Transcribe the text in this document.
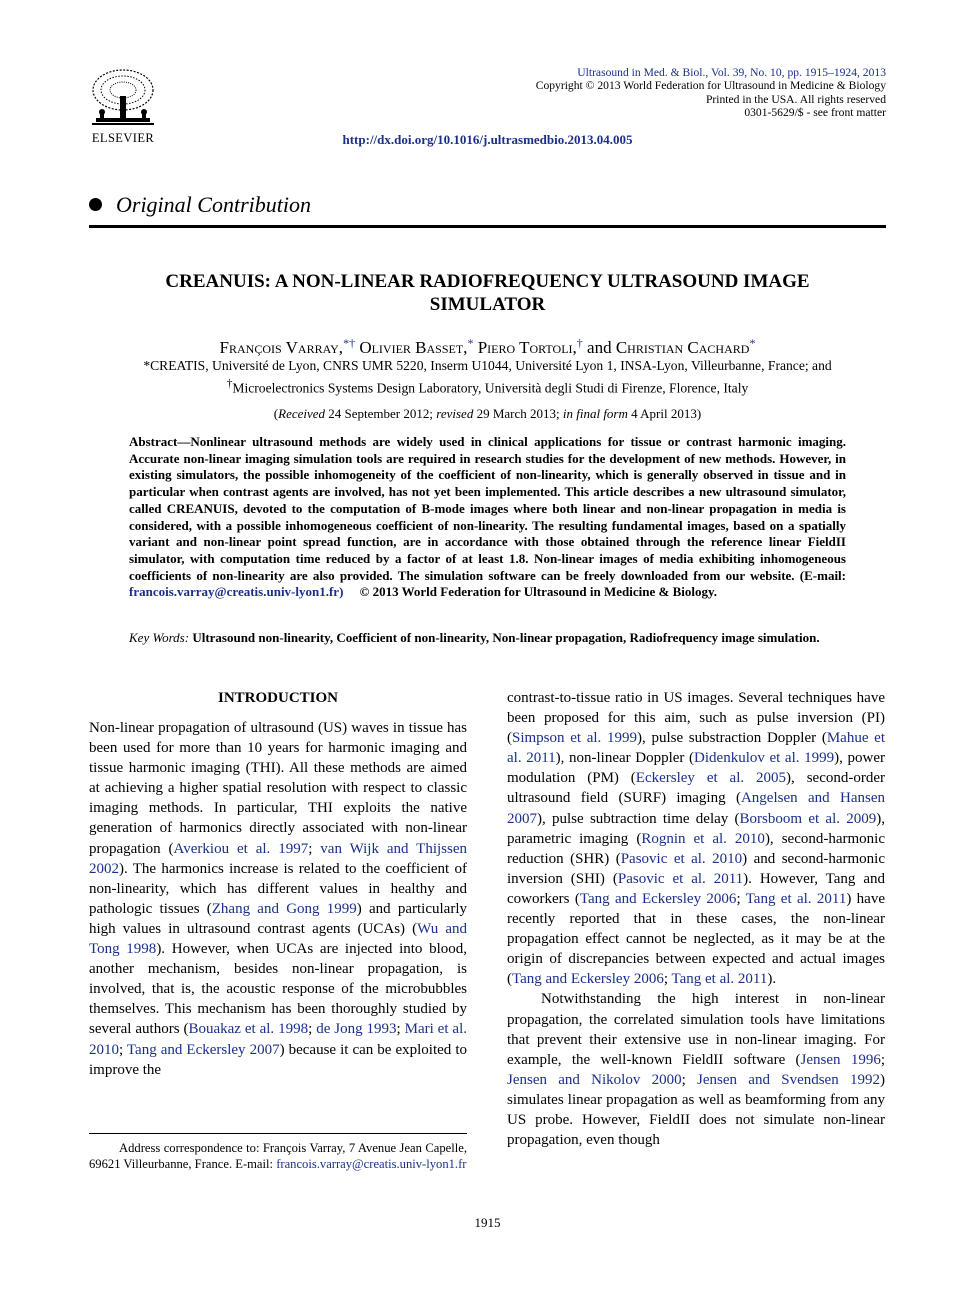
ELSEVIER
Ultrasound in Med. & Biol., Vol. 39, No. 10, pp. 1915–1924, 2013
Copyright © 2013 World Federation for Ultrasound in Medicine & Biology
Printed in the USA. All rights reserved
0301-5629/$ - see front matter
http://dx.doi.org/10.1016/j.ultrasmedbio.2013.04.005
Original Contribution
CREANUIS: A NON-LINEAR RADIOFREQUENCY ULTRASOUND IMAGE
SIMULATOR
François Varray,*† Olivier Basset,* Piero Tortoli,† and Christian Cachard*
*CREATIS, Université de Lyon, CNRS UMR 5220, Inserm U1044, Université Lyon 1, INSA-Lyon, Villeurbanne, France; and
†Microelectronics Systems Design Laboratory, Università degli Studi di Firenze, Florence, Italy
(Received 24 September 2012; revised 29 March 2013; in final form 4 April 2013)
Abstract—Nonlinear ultrasound methods are widely used in clinical applications for tissue or contrast harmonic imaging. Accurate non-linear imaging simulation tools are required in research studies for the development of new methods. However, in existing simulators, the possible inhomogeneity of the coefficient of non-linearity, which is generally observed in tissue and in particular when contrast agents are involved, has not yet been implemented. This article describes a new ultrasound simulator, called CREANUIS, devoted to the computation of B-mode images where both linear and non-linear propagation in media is considered, with a possible inhomogeneous coefficient of non-linearity. The resulting fundamental images, based on a spatially variant and non-linear point spread function, are in accordance with those obtained through the reference linear FieldII simulator, with computation time reduced by a factor of at least 1.8. Non-linear images of media exhibiting inhomogeneous coefficients of non-linearity are also provided. The simulation software can be freely downloaded from our website. (E-mail: francois.varray@creatis.univ-lyon1.fr) © 2013 World Federation for Ultrasound in Medicine & Biology.
Key Words: Ultrasound non-linearity, Coefficient of non-linearity, Non-linear propagation, Radiofrequency image simulation.
INTRODUCTION

Non-linear propagation of ultrasound (US) waves in tissue has been used for more than 10 years for harmonic imaging and tissue harmonic imaging (THI). All these methods are aimed at achieving a higher spatial resolution with respect to classic imaging methods. In particular, THI exploits the native generation of harmonics directly associated with non-linear propagation (Averkiou et al. 1997; van Wijk and Thijssen 2002). The harmonics increase is related to the coefficient of non-linearity, which has different values in healthy and pathologic tissues (Zhang and Gong 1999) and particularly high values in ultrasound contrast agents (UCAs) (Wu and Tong 1998). However, when UCAs are injected into blood, another mechanism, besides non-linear propagation, is involved, that is, the acoustic response of the microbubbles themselves. This mechanism has been thoroughly studied by several authors (Bouakaz et al. 1998; de Jong 1993; Mari et al. 2010; Tang and Eckersley 2007) because it can be exploited to improve the

contrast-to-tissue ratio in US images. Several techniques have been proposed for this aim, such as pulse inversion (PI) (Simpson et al. 1999), pulse substraction Doppler (Mahue et al. 2011), non-linear Doppler (Didenkulov et al. 1999), power modulation (PM) (Eckersley et al. 2005), second-order ultrasound field (SURF) imaging (Angelsen and Hansen 2007), pulse subtraction time delay (Borsboom et al. 2009), parametric imaging (Rognin et al. 2010), second-harmonic reduction (SHR) (Pasovic et al. 2010) and second-harmonic inversion (SHI) (Pasovic et al. 2011). However, Tang and coworkers (Tang and Eckersley 2006; Tang et al. 2011) have recently reported that in these cases, the non-linear propagation effect cannot be neglected, as it may be at the origin of discrepancies between expected and actual images (Tang and Eckersley 2006; Tang et al. 2011).

Notwithstanding the high interest in non-linear propagation, the correlated simulation tools have limitations that prevent their extensive use in non-linear imaging. For example, the well-known FieldII software (Jensen 1996; Jensen and Nikolov 2000; Jensen and Svendsen 1992) simulates linear propagation as well as beamforming from any US probe. However, FieldII does not simulate non-linear propagation, even though

Address correspondence to: François Varray, 7 Avenue Jean Capelle, 69621 Villeurbanne, France. E-mail: francois.varray@creatis.univ-lyon1.fr
1915
